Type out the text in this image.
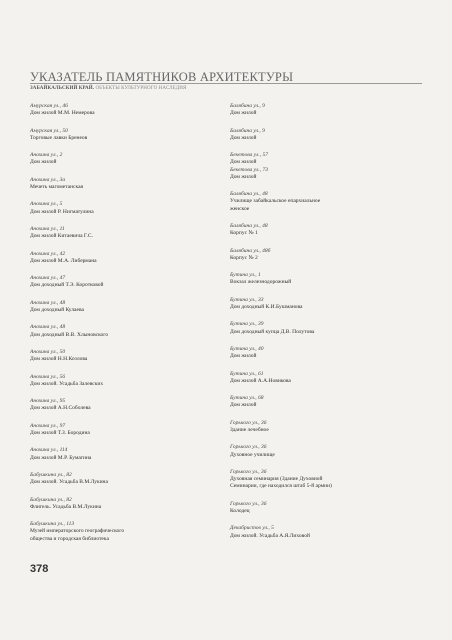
УКАЗАТЕЛЬ ПАМЯТНИКОВ АРХИТЕКТУРЫ
ЗАБАЙКАЛЬСКИЙ КРАЙ. ОБЪЕКТЫ КУЛЬТУРНОГО НАСЛЕДИЯ
Амурская ул., 46
Дом жилой М.М. Немерова
Амурская ул., 50
Торговые лавки Бренеов
Анохина ул., 2
Дом жилой
Анохина ул., 3а
Мечеть магометанская
Анохина ул., 5
Дом жилой Р. Нигматулина
Анохина ул., 11
Дом жилой Китаевича Г.С.
Анохина ул., 42
Дом жилой М.А. Либермана
Анохина ул., 47
Дом доходный Т.Э. Коротковой
Анохина ул., 48
Дом доходный Кулаева
Анохина ул., 48
Дом доходный В.В. Хлыновского
Анохина ул., 50
Дом жилой Н.Н.Козлова
Анохина ул., 56
Дом жилой. Усадьба Залевских
Анохина ул., 95
Дом жилой А.Н.Соболева
Анохина ул., 97
Дом жилой Т.З. Бородина
Анохина ул., 114
Дом жилой М.Р. Бумагина
Бабушкина ул., 82
Дом жилой. Усадьба В.М.Лукина
Бабушкина ул., 82
Флигель. Усадьба В.М.Лукина
Бабушкина ул., 113
Музей императорского географического
общества и городская библиотека
Балябина ул., 9
Дом жилой
Балябина ул., 9
Дом жилой
Бекетова ул., 57
Дом жилой
Бекетова ул., 73
Дом жилой
Балябина ул., 48
Училище забайкальское епархиальное
женское
Балябина ул., 48
Корпус № 1
Балябина ул., 48б
Корпус № 2
Бутина ул., 1
Вокзал железнодорожный
Бутина ул., 33
Дом доходный К.И.Бушманова
Бутина ул., 39
Дом доходный купца Д.В. Полутова
Бутина ул., 40
Дом жилой
Бутина ул., 61
Дом жилой А.А.Новикова
Бутина ул., 68
Дом жилой
Горького ул., 36
Здание лечебное
Горького ул., 36
Духовное училище
Горького ул., 36
Духовная семинария (Здание Духовной
Семинарии, где находился штаб 5-й армии)
Горького ул., 36
Колодец
Декабристов ул., 5
Дом жилой. Усадьба А.Я.Лиховой
378
